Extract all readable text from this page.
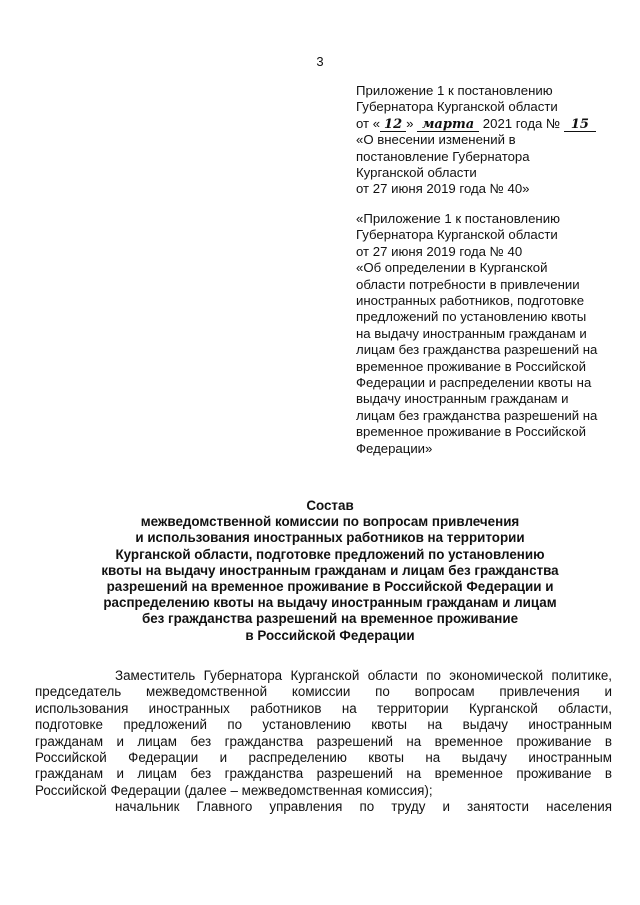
3
Приложение 1 к постановлению
Губернатора Курганской области
от « 12 » марта 2021 года № 15
«О внесении изменений в
постановление Губернатора
Курганской области
от 27 июня 2019 года № 40»
«Приложение 1 к постановлению
Губернатора Курганской области
от 27 июня 2019 года № 40
«Об определении в Курганской
области потребности в привлечении
иностранных работников, подготовке
предложений по установлению квоты
на выдачу иностранным гражданам и
лицам без гражданства разрешений на
временное проживание в Российской
Федерации и распределении квоты на
выдачу иностранным гражданам и
лицам без гражданства разрешений на
временное проживание в Российской
Федерации»
Состав
межведомственной комиссии по вопросам привлечения
и использования иностранных работников на территории
Курганской области, подготовке предложений по установлению
квоты на выдачу иностранным гражданам и лицам без гражданства
разрешений на временное проживание в Российской Федерации и
распределению квоты на выдачу иностранным гражданам и лицам
без гражданства разрешений на временное проживание
в Российской Федерации
Заместитель Губернатора Курганской области по экономической политике,
председатель межведомственной комиссии по вопросам привлечения и
использования иностранных работников на территории Курганской области,
подготовке предложений по установлению квоты на выдачу иностранным
гражданам и лицам без гражданства разрешений на временное проживание в
Российской Федерации и распределению квоты на выдачу иностранным
гражданам и лицам без гражданства разрешений на временное проживание в
Российской Федерации (далее – межведомственная комиссия);
начальник Главного управления по труду и занятости населения
